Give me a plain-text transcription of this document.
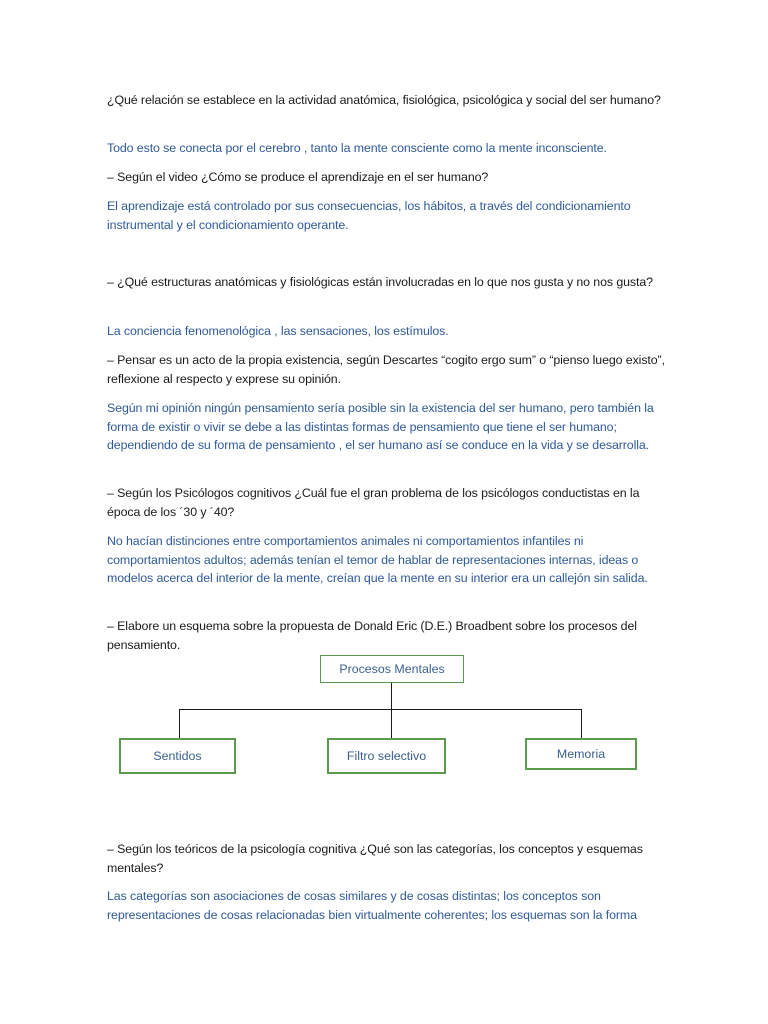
¿Qué relación se establece en la actividad anatómica, fisiológica, psicológica y social del ser humano?

Todo esto se conecta por el cerebro , tanto la mente consciente como la mente inconsciente.

– Según el video ¿Cómo se produce el aprendizaje en el ser humano?

El aprendizaje está controlado por sus consecuencias, los hábitos, a través del condicionamiento instrumental y el condicionamiento operante.

– ¿Qué estructuras anatómicas y fisiológicas están involucradas en lo que nos gusta y no nos gusta?

La conciencia fenomenológica , las sensaciones, los estímulos.

– Pensar es un acto de la propia existencia, según Descartes “cogito ergo sum” o “pienso luego existo”, reflexione al respecto y exprese su opinión.

Según mi opinión ningún pensamiento sería posible sin la existencia del ser humano, pero también la forma de existir o vivir se debe a las distintas formas de pensamiento que tiene el ser humano; dependiendo de su forma de pensamiento , el ser humano así se conduce en la vida y se desarrolla.

– Según los Psicólogos cognitivos ¿Cuál fue el gran problema de los psicólogos conductistas en la época de los ´30 y ´40?

No hacían distinciones entre comportamientos animales ni comportamientos infantiles ni comportamientos adultos; además tenían el temor de hablar de representaciones internas, ideas o modelos acerca del interior de la mente, creían que la mente en su interior era un callejón sin salida.

– Elabore un esquema sobre la propuesta de Donald Eric (D.E.) Broadbent sobre los procesos del pensamiento.

Procesos Mentales
Sentidos	Filtro selectivo	Memoria

– Según los teóricos de la psicología cognitiva ¿Qué son las categorías, los conceptos y esquemas mentales?

Las categorías son asociaciones de cosas similares y de cosas distintas; los conceptos son representaciones de cosas relacionadas bien virtualmente coherentes; los esquemas son la forma
